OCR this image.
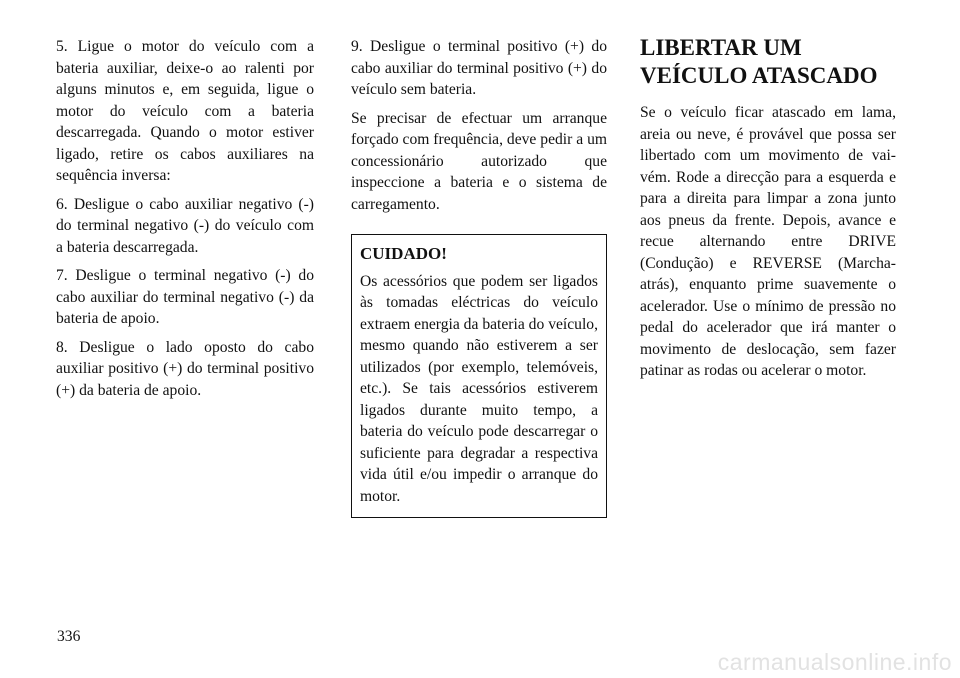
5. Ligue o motor do veículo com a bateria auxiliar, deixe-o ao ralenti por alguns minutos e, em seguida, ligue o motor do veículo com a bateria descarregada. Quando o motor estiver ligado, retire os cabos auxiliares na sequência inversa:

6. Desligue o cabo auxiliar negativo (-) do terminal negativo (-) do veículo com a bateria descarregada.

7. Desligue o terminal negativo (-) do cabo auxiliar do terminal negativo (-) da bateria de apoio.

8. Desligue o lado oposto do cabo auxiliar positivo (+) do terminal positivo (+) da bateria de apoio.

9. Desligue o terminal positivo (+) do cabo auxiliar do terminal positivo (+) do veículo sem bateria.

Se precisar de efectuar um arranque forçado com frequência, deve pedir a um concessionário autorizado que inspeccione a bateria e o sistema de carregamento.

CUIDADO!
Os acessórios que podem ser ligados às tomadas eléctricas do veículo extraem energia da bateria do veículo, mesmo quando não estiverem a ser utilizados (por exemplo, telemóveis, etc.). Se tais acessórios estiverem ligados durante muito tempo, a bateria do veículo pode descarregar o suficiente para degradar a respectiva vida útil e/ou impedir o arranque do motor.
LIBERTAR UM VEÍCULO ATASCADO

Se o veículo ficar atascado em lama, areia ou neve, é provável que possa ser libertado com um movimento de vai-vém. Rode a direcção para a esquerda e para a direita para limpar a zona junto aos pneus da frente. Depois, avance e recue alternando entre DRIVE (Condução) e REVERSE (Marcha-atrás), enquanto prime suavemente o acelerador. Use o mínimo de pressão no pedal do acelerador que irá manter o movimento de deslocação, sem fazer patinar as rodas ou acelerar o motor.

336
carmanualsonline.info
